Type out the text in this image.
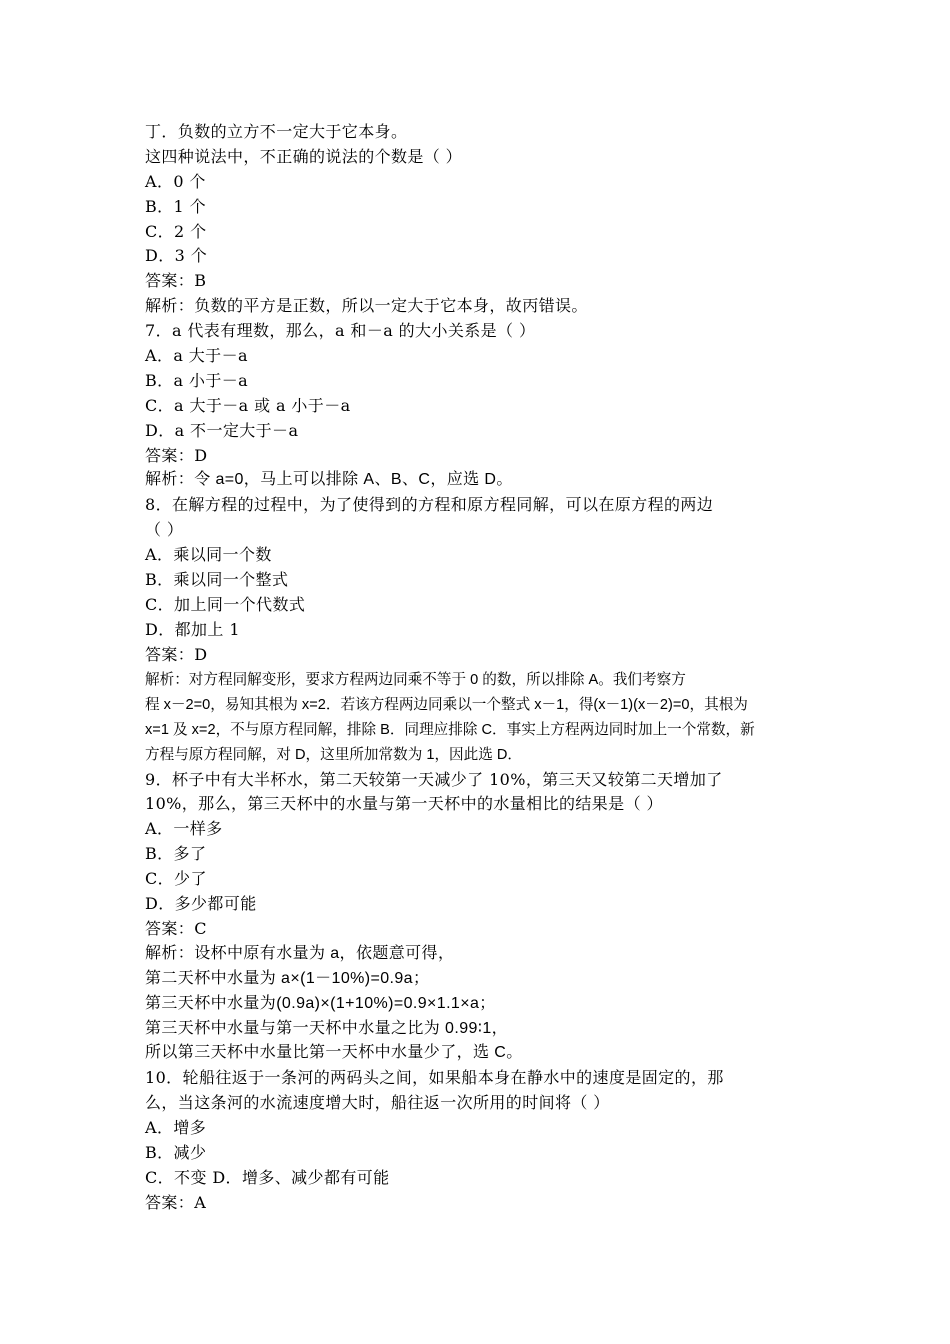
丁．负数的立方不一定大于它本身。
这四种说法中，不正确的说法的个数是（ ）
A．0 个
B．1 个
C．2 个
D．3 个
答案：B
解析：负数的平方是正数，所以一定大于它本身，故丙错误。
7．a 代表有理数，那么，a 和－a 的大小关系是（ ）
A．a 大于－a
B．a 小于－a
C．a 大于－a 或 a 小于－a
D．a 不一定大于－a
答案：D
解析：令 a=0，马上可以排除 A、B、C，应选 D。
8．在解方程的过程中，为了使得到的方程和原方程同解，可以在原方程的两边
（ ）
A．乘以同一个数
B．乘以同一个整式
C．加上同一个代数式
D．都加上 1
答案：D
解析：对方程同解变形，要求方程两边同乘不等于 0 的数，所以排除 A。我们考察方
程 x－2=0，易知其根为 x=2．若该方程两边同乘以一个整式 x－1，得(x－1)(x－2)=0，其根为
x=1 及 x=2，不与原方程同解，排除 B．同理应排除 C．事实上方程两边同时加上一个常数，新
方程与原方程同解，对 D，这里所加常数为 1，因此选 D．
9．杯子中有大半杯水，第二天较第一天减少了 10%，第三天又较第二天增加了
10%，那么，第三天杯中的水量与第一天杯中的水量相比的结果是（ ）
A．一样多
B．多了
C．少了
D．多少都可能
答案：C
解析：设杯中原有水量为 a，依题意可得，
第二天杯中水量为 a×(1－10%)=0.9a；
第三天杯中水量为(0.9a)×(1+10%)=0.9×1.1×a；
第三天杯中水量与第一天杯中水量之比为 0.99∶1，
所以第三天杯中水量比第一天杯中水量少了，选 C。
10．轮船往返于一条河的两码头之间，如果船本身在静水中的速度是固定的，那
么，当这条河的水流速度增大时，船往返一次所用的时间将（ ）
A．增多
B．减少
C．不变 D．增多、减少都有可能
答案：A
